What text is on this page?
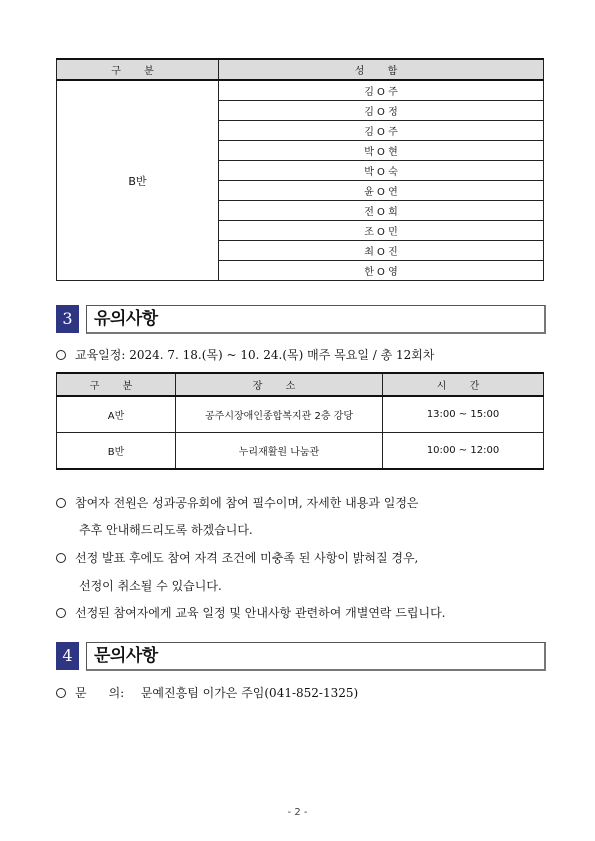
구 분	성 함
B반	김 O 주
	김 O 정
	김 O 주
	박 O 현
	박 O 숙
	윤 O 연
	전 O 희
	조 O 민
	최 O 진
	한 O 영
3	유의사항
교육일정: 2024. 7. 18.(목) ~ 10. 24.(목) 매주 목요일 / 총 12회차
구 분	장 소	시 간
A반	공주시장애인종합복지관 2층 강당	13:00 ~ 15:00
B반	누리재활원 나눔관	10:00 ~ 12:00
참여자 전원은 성과공유회에 참여 필수이며, 자세한 내용과 일정은
추후 안내해드리도록 하겠습니다.
선정 발표 후에도 참여 자격 조건에 미충족 된 사항이 밝혀질 경우,
선정이 취소될 수 있습니다.
선정된 참여자에게 교육 일정 및 안내사항 관련하여 개별연락 드립니다.
4	문의사항
문 의: 문예진흥팀 이가은 주임(041-852-1325)
- 2 -
